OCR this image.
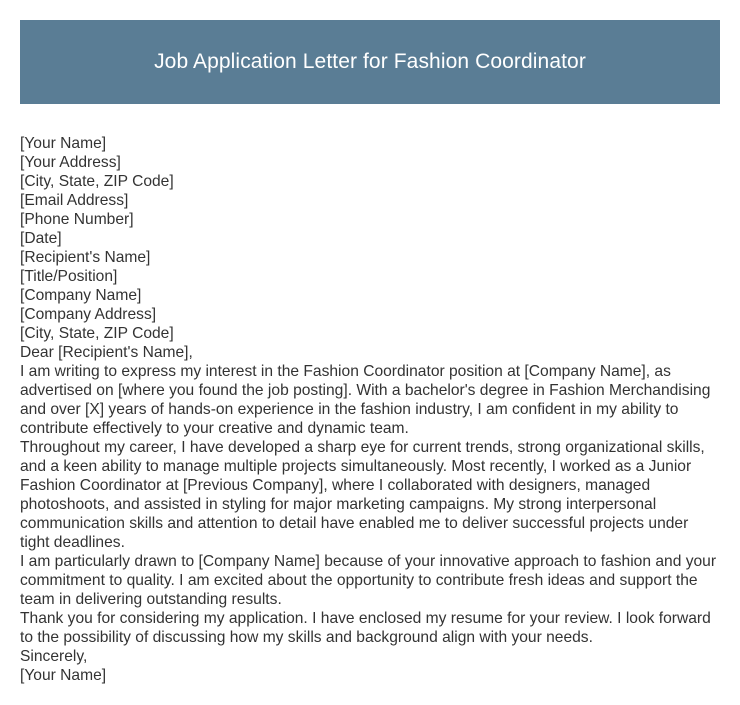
Job Application Letter for Fashion Coordinator
[Your Name]
[Your Address]
[City, State, ZIP Code]
[Email Address]
[Phone Number]
[Date]
[Recipient's Name]
[Title/Position]
[Company Name]
[Company Address]
[City, State, ZIP Code]
Dear [Recipient's Name],

I am writing to express my interest in the Fashion Coordinator position at [Company Name], as advertised on [where you found the job posting]. With a bachelor's degree in Fashion Merchandising and over [X] years of hands-on experience in the fashion industry, I am confident in my ability to contribute effectively to your creative and dynamic team.

Throughout my career, I have developed a sharp eye for current trends, strong organizational skills, and a keen ability to manage multiple projects simultaneously. Most recently, I worked as a Junior Fashion Coordinator at [Previous Company], where I collaborated with designers, managed photoshoots, and assisted in styling for major marketing campaigns. My strong interpersonal communication skills and attention to detail have enabled me to deliver successful projects under tight deadlines.

I am particularly drawn to [Company Name] because of your innovative approach to fashion and your commitment to quality. I am excited about the opportunity to contribute fresh ideas and support the team in delivering outstanding results.

Thank you for considering my application. I have enclosed my resume for your review. I look forward to the possibility of discussing how my skills and background align with your needs.

Sincerely,
[Your Name]
